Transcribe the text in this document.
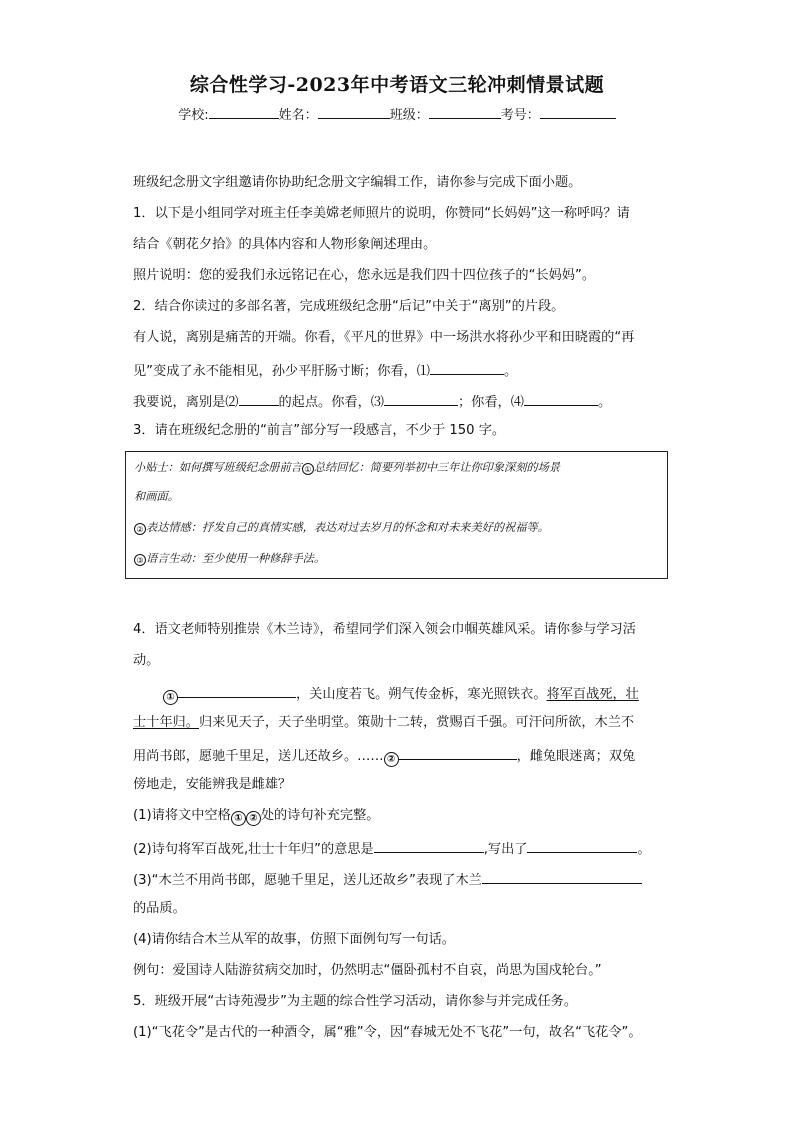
综合性学习-2023年中考语文三轮冲刺情景试题
学校:	姓名：	班级：	考号：
班级纪念册文字组邀请你协助纪念册文字编辑工作，请你参与完成下面小题。
1．以下是小组同学对班主任李美嫦老师照片的说明，你赞同“长妈妈”这一称呼吗？请
结合《朝花夕拾》的具体内容和人物形象阐述理由。
照片说明：您的爱我们永远铭记在心，您永远是我们四十四位孩子的“长妈妈”。
2．结合你读过的多部名著，完成班级纪念册“后记”中关于“离别”的片段。
有人说，离别是痛苦的开端。你看，《平凡的世界》中一场洪水将孙少平和田晓霞的“再
见”变成了永不能相见，孙少平肝肠寸断；你看，⑴	。
我要说，离别是⑵	的起点。你看，⑶	；你看，⑷	。
3．请在班级纪念册的“前言”部分写一段感言，不少于 150 字。
小贴士：如何撰写班级纪念册前言 ① 总结回忆：简要列举初中三年让你印象深刻的场景
和画面。
② 表达情感：抒发自己的真情实感，表达对过去岁月的怀念和对未来美好的祝福等。
③ 语言生动：至少使用一种修辞手法。
4．语文老师特别推崇《木兰诗》，希望同学们深入领会巾帼英雄风采。请你参与学习活
动。
①	，关山度若飞。朔气传金柝，寒光照铁衣。将军百战死，壮
士十年归。归来见天子，天子坐明堂。策勋十二转，赏赐百千强。可汗问所欲，木兰不
用尚书郎，愿驰千里足，送儿还故乡。…… ②	，雌兔眼迷离；双兔
傍地走，安能辨我是雌雄？
(1)请将文中空格 ① ② 处的诗句补充完整。
(2)诗句将军百战死,壮士十年归”的意思是	,写出了	。
(3)“木兰不用尚书郎，愿驰千里足，送儿还故乡”表现了木兰
的品质。
(4)请你结合木兰从军的故事，仿照下面例句写一句话。
例句：爱国诗人陆游贫病交加时，仍然明志“僵卧孤村不自哀，尚思为国戍轮台。”
5．班级开展“古诗苑漫步”为主题的综合性学习活动，请你参与并完成任务。
(1)“飞花令”是古代的一种酒令，属“雅”令，因“春城无处不飞花”一句，故名“飞花令”。
